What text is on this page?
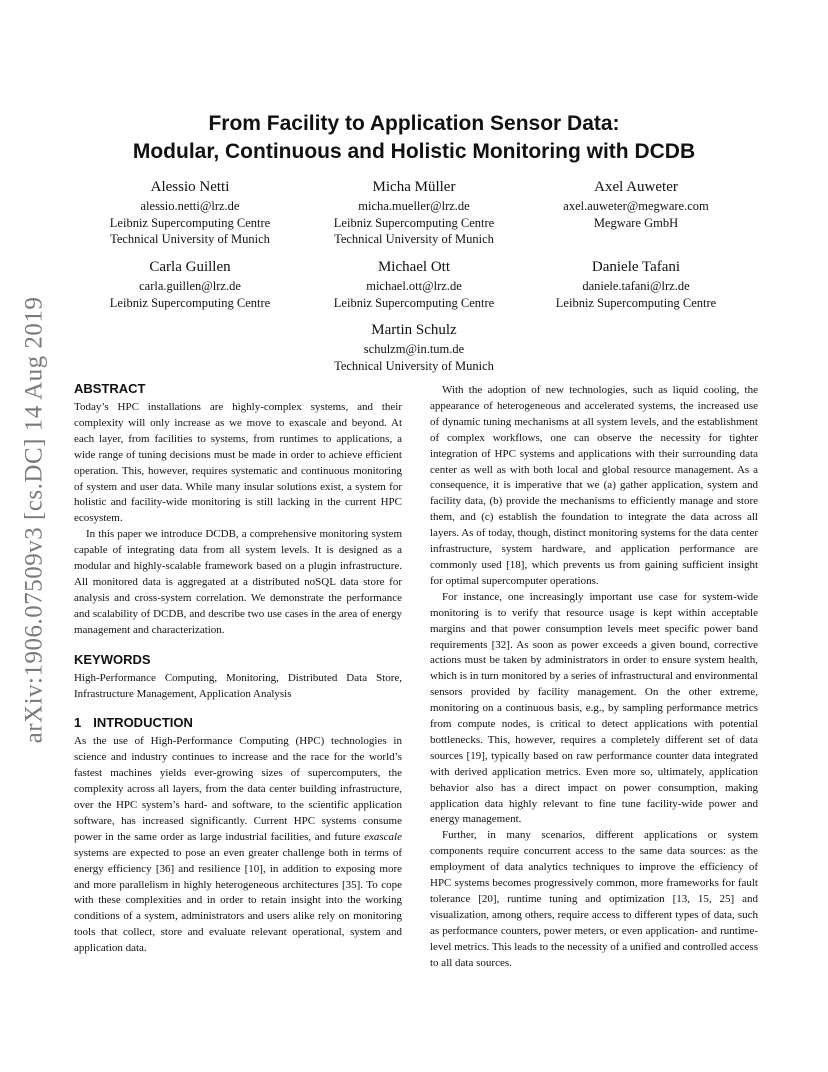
arXiv:1906.07509v3 [cs.DC] 14 Aug 2019
From Facility to Application Sensor Data:
Modular, Continuous and Holistic Monitoring with DCDB
Alessio Netti
alessio.netti@lrz.de
Leibniz Supercomputing Centre
Technical University of Munich
Micha Müller
micha.mueller@lrz.de
Leibniz Supercomputing Centre
Technical University of Munich
Axel Auweter
axel.auweter@megware.com
Megware GmbH
Carla Guillen
carla.guillen@lrz.de
Leibniz Supercomputing Centre
Michael Ott
michael.ott@lrz.de
Leibniz Supercomputing Centre
Daniele Tafani
daniele.tafani@lrz.de
Leibniz Supercomputing Centre
Martin Schulz
schulzm@in.tum.de
Technical University of Munich
ABSTRACT

Today’s HPC installations are highly-complex systems, and their complexity will only increase as we move to exascale and beyond. At each layer, from facilities to systems, from runtimes to applications, a wide range of tuning decisions must be made in order to achieve efficient operation. This, however, requires systematic and continuous monitoring of system and user data. While many insular solutions exist, a system for holistic and facility-wide monitoring is still lacking in the current HPC ecosystem.

In this paper we introduce DCDB, a comprehensive monitoring system capable of integrating data from all system levels. It is designed as a modular and highly-scalable framework based on a plugin infrastructure. All monitored data is aggregated at a distributed noSQL data store for analysis and cross-system correlation. We demonstrate the performance and scalability of DCDB, and describe two use cases in the area of energy management and characterization.

KEYWORDS

High-Performance Computing, Monitoring, Distributed Data Store, Infrastructure Management, Application Analysis

1 INTRODUCTION

As the use of High-Performance Computing (HPC) technologies in science and industry continues to increase and the race for the world’s fastest machines yields ever-growing sizes of supercomputers, the complexity across all layers, from the data center building infrastructure, over the HPC system’s hard- and software, to the scientific application software, has increased significantly. Current HPC systems consume power in the same order as large industrial facilities, and future exascale systems are expected to pose an even greater challenge both in terms of energy efficiency [36] and resilience [10], in addition to exposing more and more parallelism in highly heterogeneous architectures [35]. To cope with these complexities and in order to retain insight into the working conditions of a system, administrators and users alike rely on monitoring tools that collect, store and evaluate relevant operational, system and application data.

With the adoption of new technologies, such as liquid cooling, the appearance of heterogeneous and accelerated systems, the increased use of dynamic tuning mechanisms at all system levels, and the establishment of complex workflows, one can observe the necessity for tighter integration of HPC systems and applications with their surrounding data center as well as with both local and global resource management. As a consequence, it is imperative that we (a) gather application, system and facility data, (b) provide the mechanisms to efficiently manage and store them, and (c) establish the foundation to integrate the data across all layers. As of today, though, distinct monitoring systems for the data center infrastructure, system hardware, and application performance are commonly used [18], which prevents us from gaining sufficient insight for optimal supercomputer operations.

For instance, one increasingly important use case for system-wide monitoring is to verify that resource usage is kept within acceptable margins and that power consumption levels meet specific power band requirements [32]. As soon as power exceeds a given bound, corrective actions must be taken by administrators in order to ensure system health, which is in turn monitored by a series of infrastructural and environmental sensors provided by facility management. On the other extreme, monitoring on a continuous basis, e.g., by sampling performance metrics from compute nodes, is critical to detect applications with potential bottlenecks. This, however, requires a completely different set of data sources [19], typically based on raw performance counter data integrated with derived application metrics. Even more so, ultimately, application behavior also has a direct impact on power consumption, making application data highly relevant to fine tune facility-wide power and energy management.

Further, in many scenarios, different applications or system components require concurrent access to the same data sources: as the employment of data analytics techniques to improve the efficiency of HPC systems becomes progressively common, more frameworks for fault tolerance [20], runtime tuning and optimization [13, 15, 25] and visualization, among others, require access to different types of data, such as performance counters, power meters, or even application- and runtime-level metrics. This leads to the necessity of a unified and controlled access to all data sources.
